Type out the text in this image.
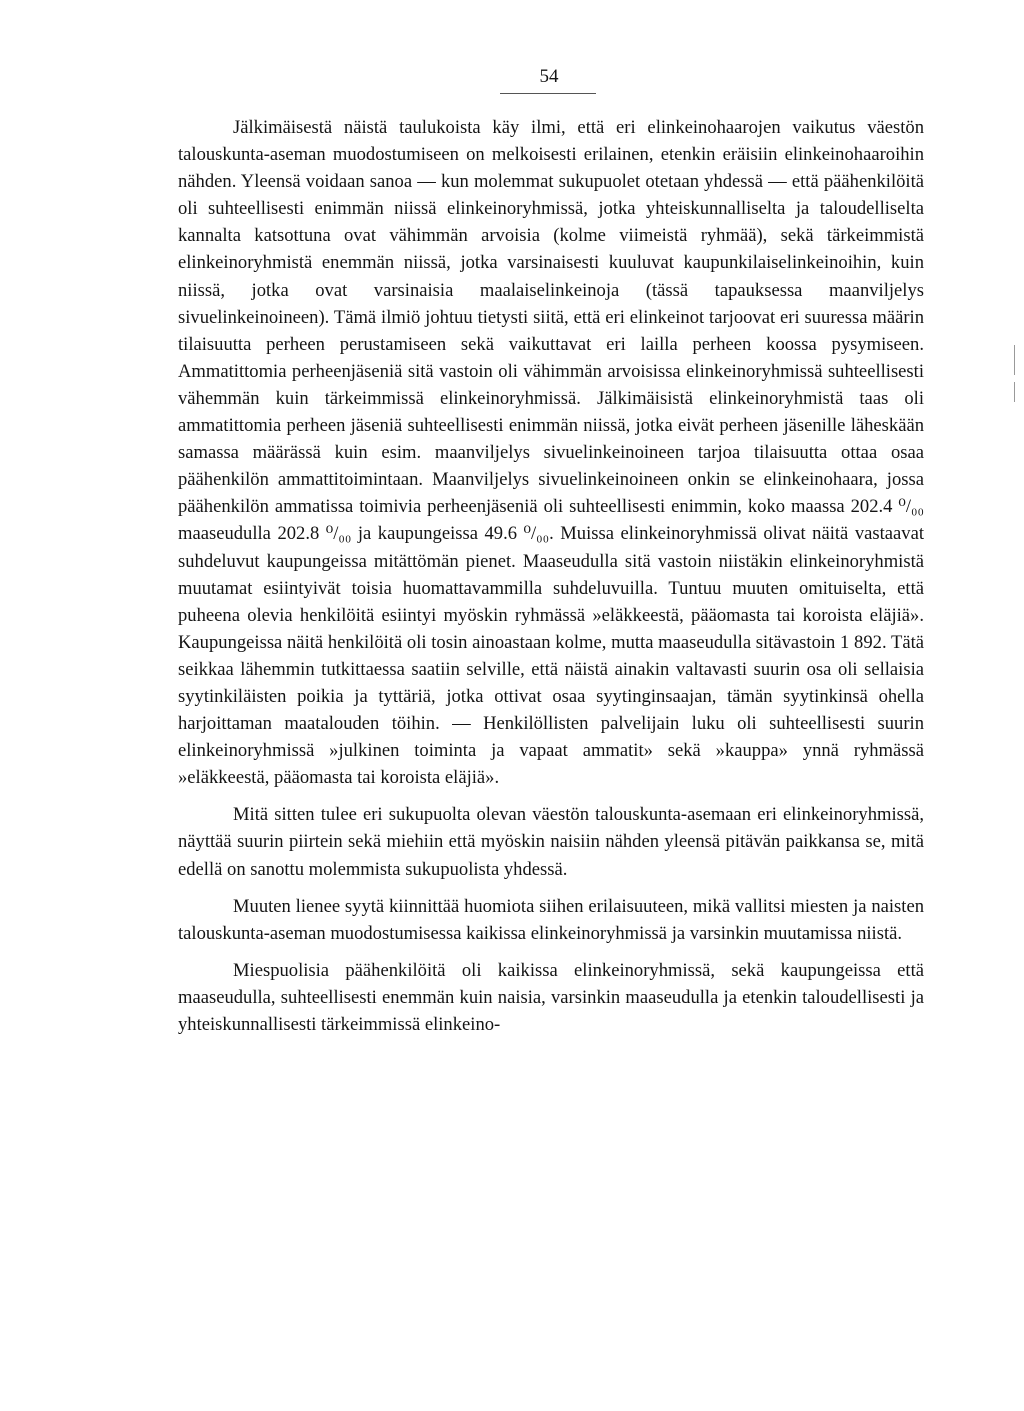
54

Jälkimäisestä näistä taulukoista käy ilmi, että eri elinkeinohaarojen vaikutus väestön talouskunta-aseman muodostumiseen on melkoisesti erilainen, etenkin eräisiin elinkeinohaaroihin nähden. Yleensä voidaan sanoa — kun molemmat sukupuolet otetaan yhdessä — että päähenkilöitä oli suhteellisesti enimmän niissä elinkeinoryhmissä, jotka yhteiskunnalliselta ja taloudelliselta kannalta katsottuna ovat vähimmän arvoisia (kolme viimeistä ryhmää), sekä tärkeimmistä elinkeinoryhmistä enemmän niissä, jotka varsinaisesti kuuluvat kaupunkilaiselinkeinoihin, kuin niissä, jotka ovat varsinaisia maalaiselinkeinoja (tässä tapauksessa maanviljelys sivuelinkeinoineen). Tämä ilmiö johtuu tietysti siitä, että eri elinkeinot tarjoovat eri suuressa määrin tilaisuutta perheen perustamiseen sekä vaikuttavat eri lailla perheen koossa pysymiseen. Ammatittomia perheenjäseniä sitä vastoin oli vähimmän arvoisissa elinkeinoryhmissä suhteellisesti vähemmän kuin tärkeimmissä elinkeinoryhmissä. Jälkimäisistä elinkeinoryhmistä taas oli ammatittomia perheen jäseniä suhteellisesti enimmän niissä, jotka eivät perheen jäsenille läheskään samassa määrässä kuin esim. maanviljelys sivuelinkeinoineen tarjoa tilaisuutta ottaa osaa päähenkilön ammattitoimintaan. Maanviljelys sivuelinkeinoineen onkin se elinkeinohaara, jossa päähenkilön ammatissa toimivia perheenjäseniä oli suhteellisesti enimmin, koko maassa 202.4 ⁰/₀₀ maaseudulla 202.8 ⁰/₀₀ ja kaupungeissa 49.6 ⁰/₀₀. Muissa elinkeinoryhmissä olivat näitä vastaavat suhdeluvut kaupungeissa mitättömän pienet. Maaseudulla sitä vastoin niistäkin elinkeinoryhmistä muutamat esiintyivät toisia huomattavammilla suhdeluvuilla. Tuntuu muuten omituiselta, että puheena olevia henkilöitä esiintyi myöskin ryhmässä »eläkkeestä, pääomasta tai koroista eläjiä». Kaupungeissa näitä henkilöitä oli tosin ainoastaan kolme, mutta maaseudulla sitävastoin 1 892. Tätä seikkaa lähemmin tutkittaessa saatiin selville, että näistä ainakin valtavasti suurin osa oli sellaisia syytinkiläisten poikia ja tyttäriä, jotka ottivat osaa syytinginsaajan, tämän syytinkinsä ohella harjoittaman maatalouden töihin. — Henkilöllisten palvelijain luku oli suhteellisesti suurin elinkeinoryhmissä »julkinen toiminta ja vapaat ammatit» sekä »kauppa» ynnä ryhmässä »eläkkeestä, pääomasta tai koroista eläjiä».

Mitä sitten tulee eri sukupuolta olevan väestön talouskunta-asemaan eri elinkeinoryhmissä, näyttää suurin piirtein sekä miehiin että myöskin naisiin nähden yleensä pitävän paikkansa se, mitä edellä on sanottu molemmista sukupuolista yhdessä.

Muuten lienee syytä kiinnittää huomiota siihen erilaisuuteen, mikä vallitsi miesten ja naisten talouskunta-aseman muodostumisessa kaikissa elinkeinoryhmissä ja varsinkin muutamissa niistä.

Miespuolisia päähenkilöitä oli kaikissa elinkeinoryhmissä, sekä kaupungeissa että maaseudulla, suhteellisesti enemmän kuin naisia, varsinkin maaseudulla ja etenkin taloudellisesti ja yhteiskunnallisesti tärkeimmissä elinkeino-
